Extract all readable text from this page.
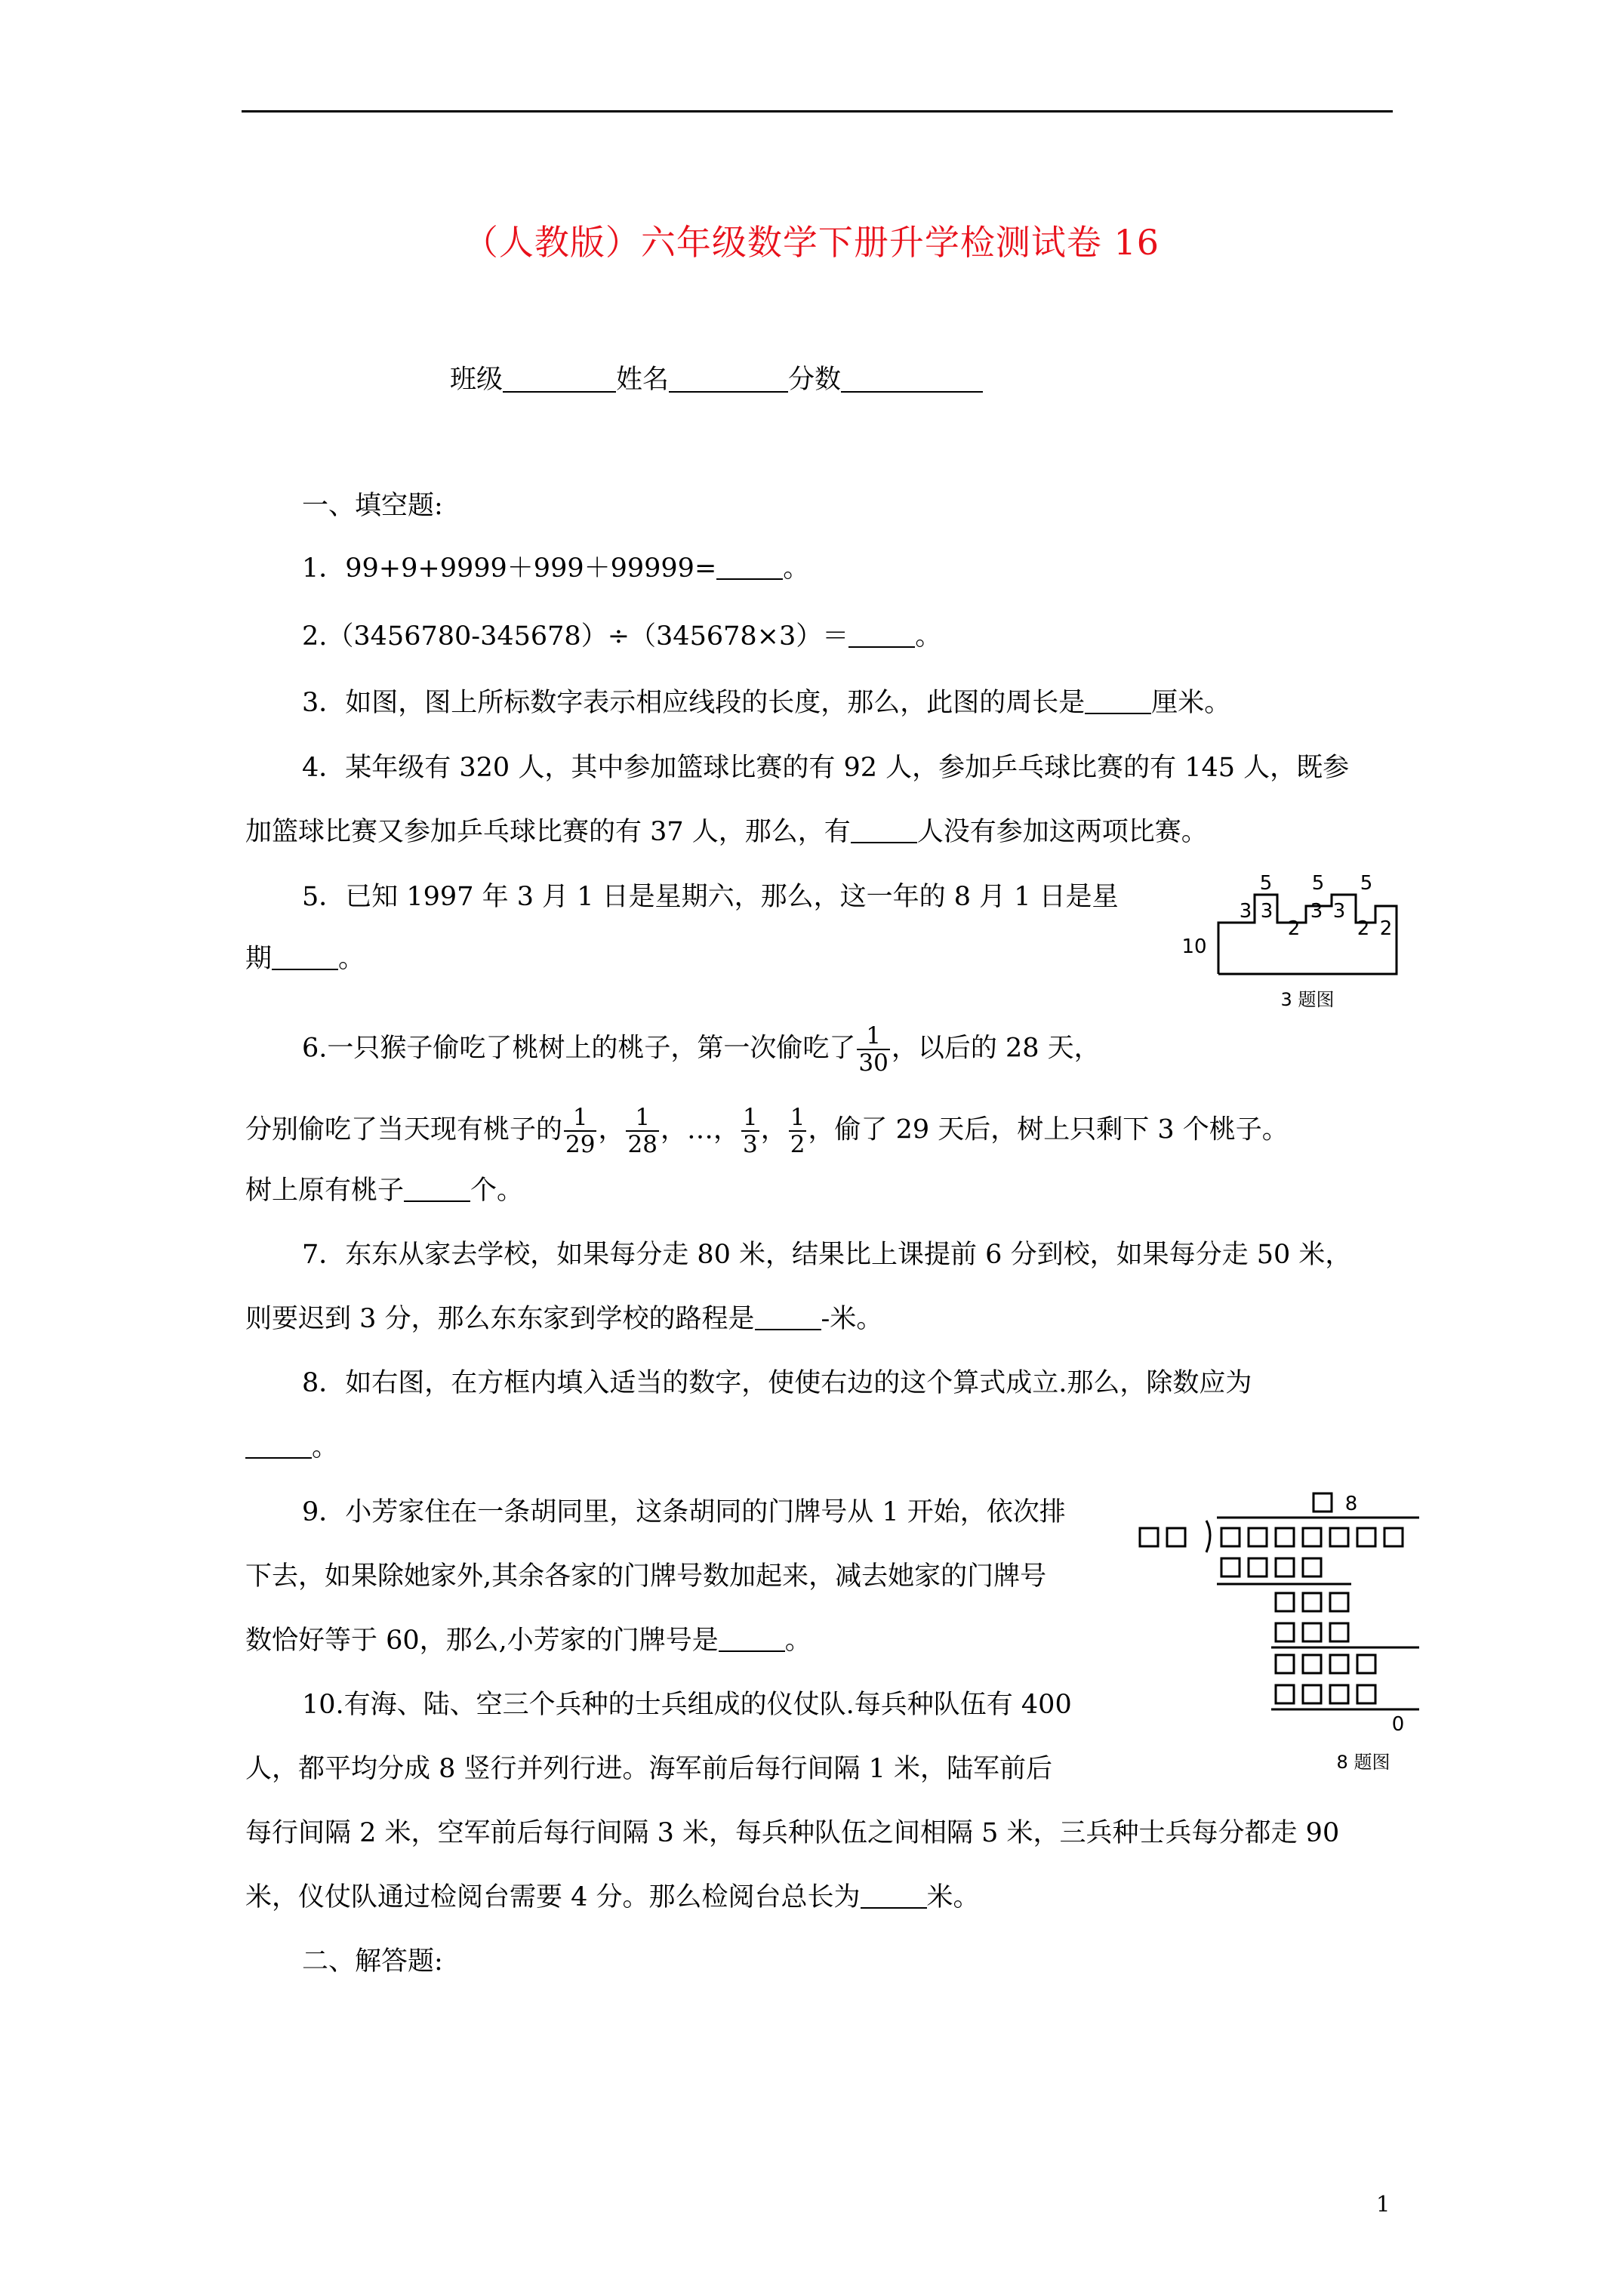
（人教版）六年级数学下册升学检测试卷 16
班级	姓名	分数
一、填空题:
1．99+9+9999＋999＋99999=	。
2.（3456780-345678）÷（345678×3）＝	。
3．如图，图上所标数字表示相应线段的长度，那么，此图的周长是	厘米。
4．某年级有 320 人，其中参加篮球比赛的有 92 人，参加乒乓球比赛的有 145 人，既参
加篮球比赛又参加乒乓球比赛的有 37 人，那么，有	人没有参加这两项比赛。
5．已知 1997 年 3 月 1 日是星期六，那么，这一年的 8 月 1 日是星
期	。
5 5 5
3 3 3 3
2	2 2
10
3 题图
6.一只猴子偷吃了桃树上的桃子，第一次偷吃了 $\frac{1}{30}$ ，以后的 28 天，
分别偷吃了当天现有桃子的 $\frac{1}{29}$ ， $\frac{1}{28}$ ，…， $\frac{1}{3}$ ， $\frac{1}{2}$ ，偷了 29 天后，树上只剩下 3 个桃子。
树上原有桃子	个。
7．东东从家去学校，如果每分走 80 米，结果比上课提前 6 分到校，如果每分走 50 米，
则要迟到 3 分，那么东东家到学校的路程是	-米。
8．如右图，在方框内填入适当的数字，使使右边的这个算式成立.那么，除数应为
。
9．小芳家住在一条胡同里，这条胡同的门牌号从 1 开始，依次排
下去，如果除她家外,其余各家的门牌号数加起来，减去她家的门牌号
数恰好等于 60，那么,小芳家的门牌号是	。
10.有海、陆、空三个兵种的士兵组成的仪仗队.每兵种队伍有 400
人，都平均分成 8 竖行并列行进。海军前后每行间隔 1 米，陆军前后
每行间隔 2 米，空军前后每行间隔 3 米，每兵种队伍之间相隔 5 米，三兵种士兵每分都走 90
米，仪仗队通过检阅台需要 4 分。那么检阅台总长为	米。
二、解答题:
8
0
8 题图
1
